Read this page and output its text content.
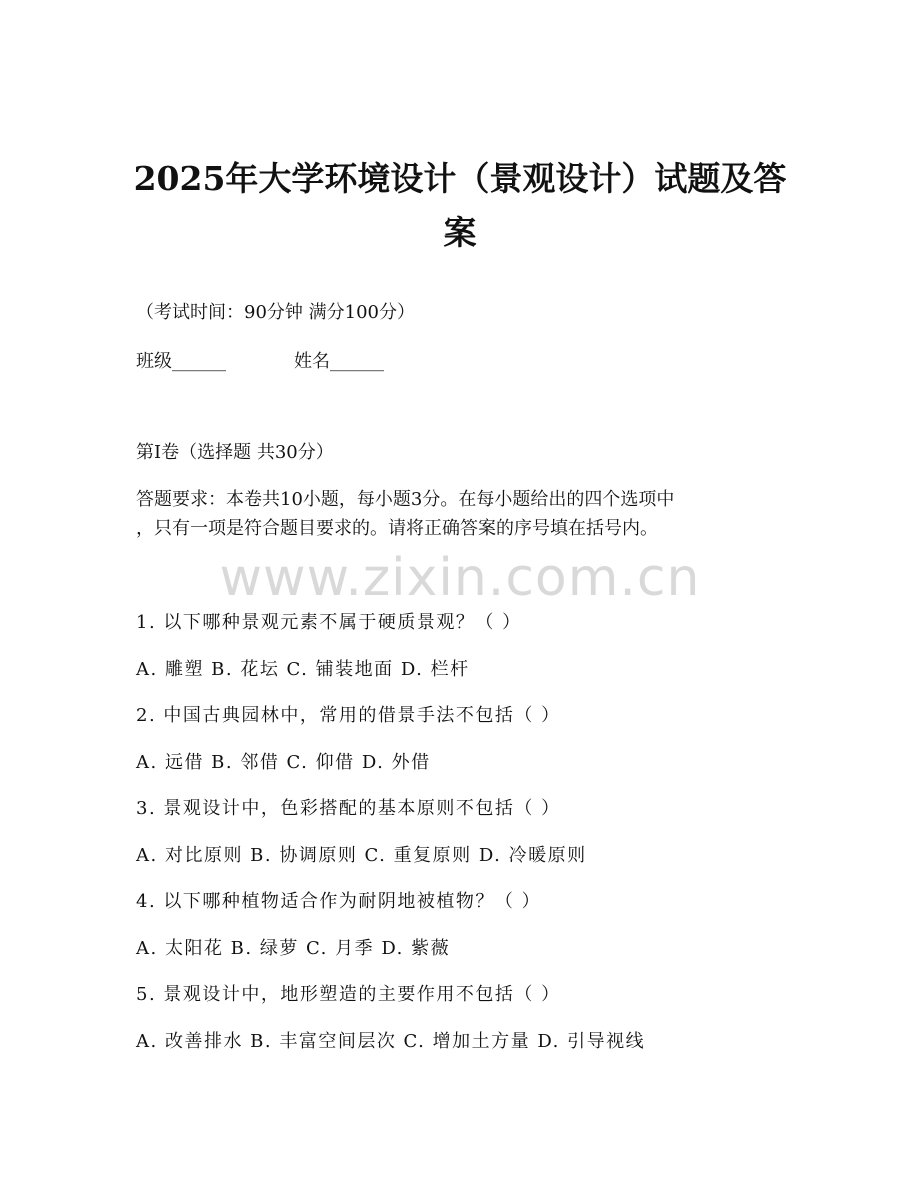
2025年大学环境设计（景观设计）试题及答
案
（考试时间：90分钟 满分100分）
班级______	姓名______
第I卷（选择题 共30分）
答题要求：本卷共10小题，每小题3分。在每小题给出的四个选项中
，只有一项是符合题目要求的。请将正确答案的序号填在括号内。
www.zixin.com.cn
1. 以下哪种景观元素不属于硬质景观？（ ）
A. 雕塑 B. 花坛 C. 铺装地面 D. 栏杆
2. 中国古典园林中，常用的借景手法不包括（ ）
A. 远借 B. 邻借 C. 仰借 D. 外借
3. 景观设计中，色彩搭配的基本原则不包括（ ）
A. 对比原则 B. 协调原则 C. 重复原则 D. 冷暖原则
4. 以下哪种植物适合作为耐阴地被植物？（ ）
A. 太阳花 B. 绿萝 C. 月季 D. 紫薇
5. 景观设计中，地形塑造的主要作用不包括（ ）
A. 改善排水 B. 丰富空间层次 C. 增加土方量 D. 引导视线
